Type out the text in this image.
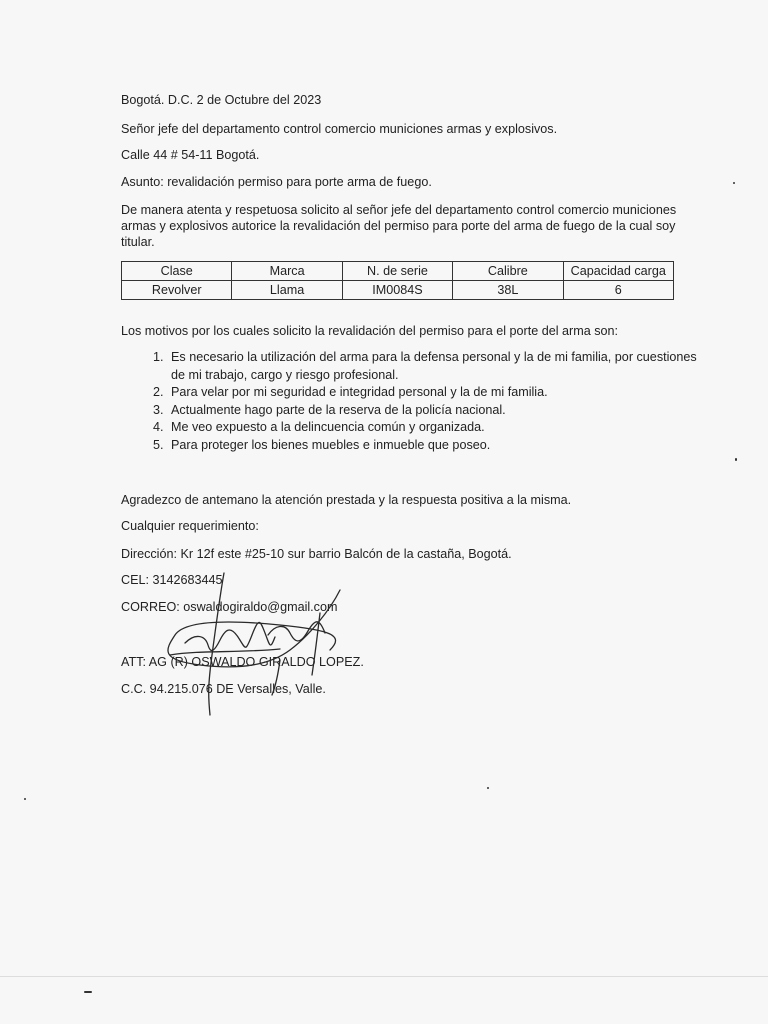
Bogotá. D.C. 2 de Octubre del 2023

Señor jefe del departamento control comercio municiones armas y explosivos.

Calle 44 # 54-11 Bogotá.

Asunto: revalidación permiso para porte arma de fuego.

De manera atenta y respetuosa solicito al señor jefe del departamento control comercio municiones armas y explosivos autorice la revalidación del permiso para porte del arma de fuego de la cual soy titular.

Clase	Marca	N. de serie	Calibre	Capacidad carga
Revolver	Llama	IM0084S	38L	6

Los motivos por los cuales solicito la revalidación del permiso para el porte del arma son:

1. Es necesario la utilización del arma para la defensa personal y la de mi familia, por cuestiones de mi trabajo, cargo y riesgo profesional.
2. Para velar por mi seguridad e integridad personal y la de mi familia.
3. Actualmente hago parte de la reserva de la policía nacional.
4. Me veo expuesto a la delincuencia común y organizada.
5. Para proteger los bienes muebles e inmueble que poseo.

Agradezco de antemano la atención prestada y la respuesta positiva a la misma.

Cualquier requerimiento:

Dirección: Kr 12f este #25-10 sur barrio Balcón de la castaña, Bogotá.

CEL: 3142683445

CORREO: oswaldogiraldo@gmail.com

ATT: AG (R) OSWALDO GIRALDO LOPEZ.

C.C. 94.215.076 DE Versalles, Valle.
